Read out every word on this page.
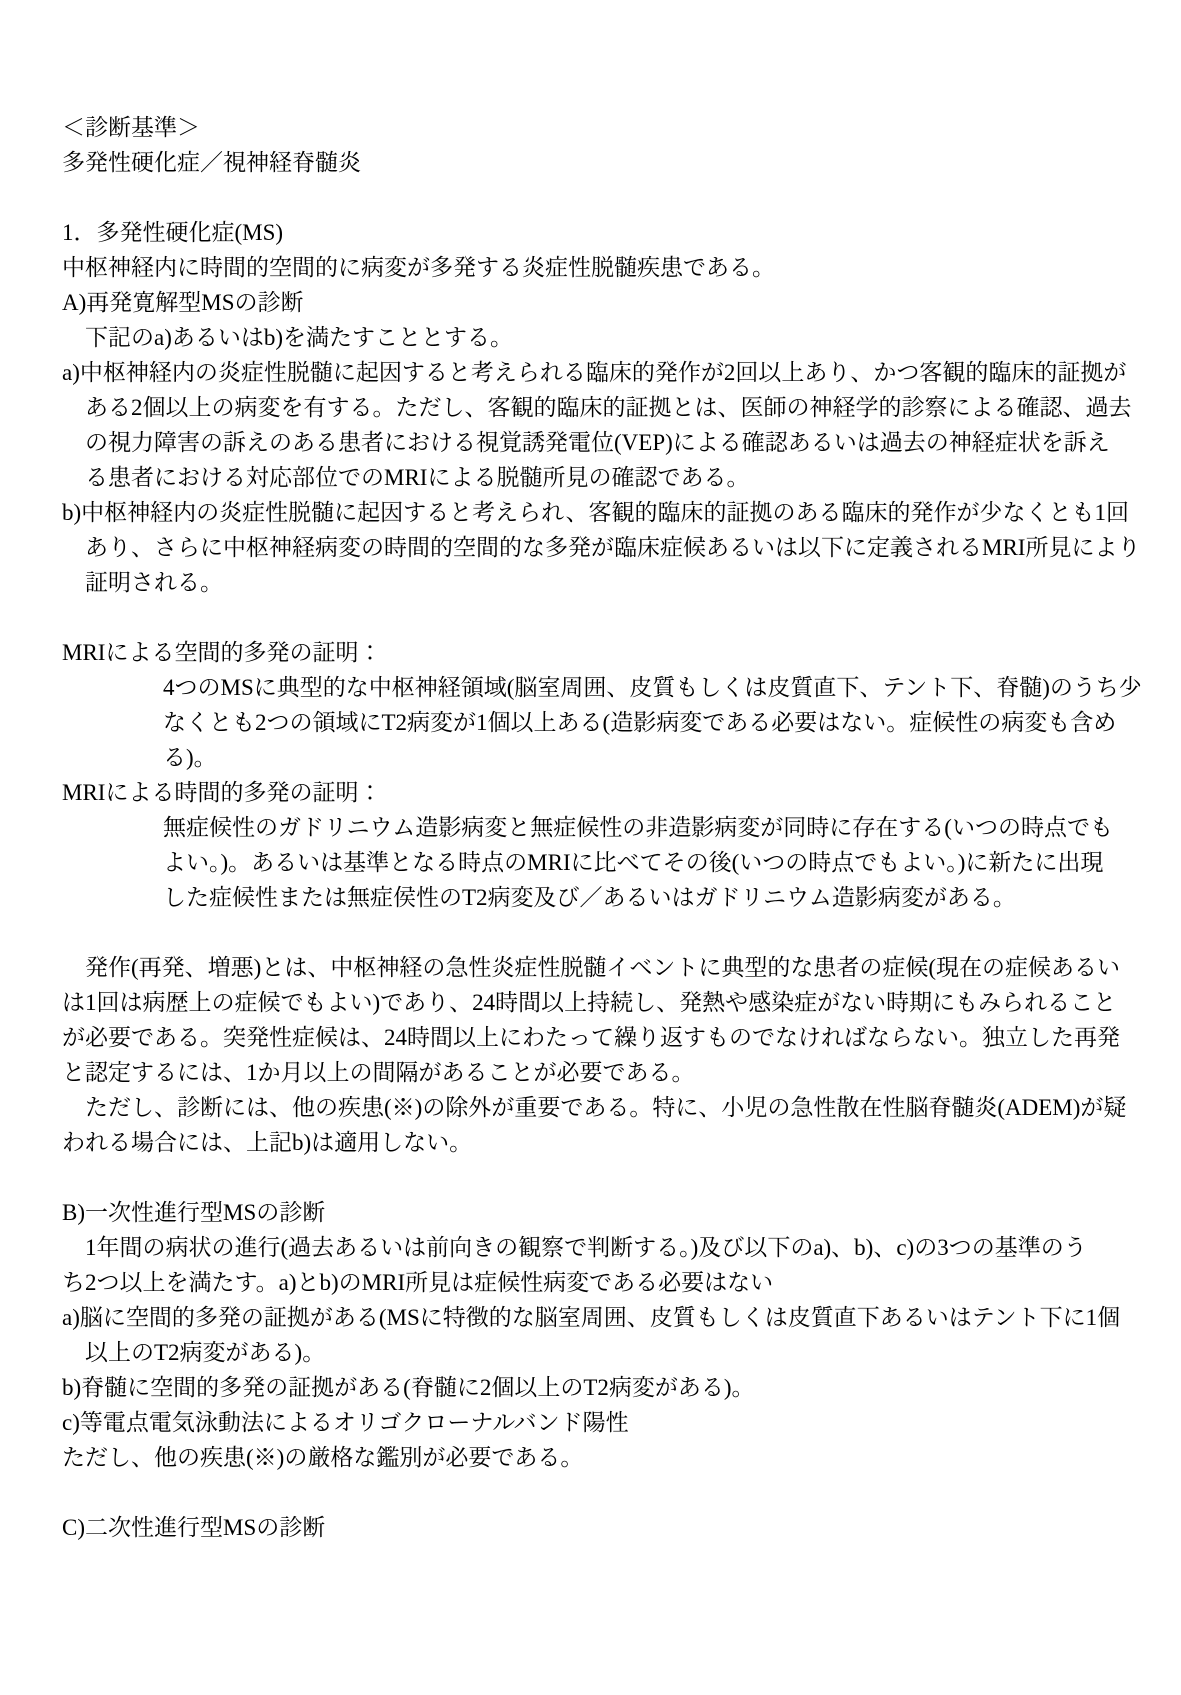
＜診断基準＞
多発性硬化症／視神経脊髄炎
1．多発性硬化症(MS)
中枢神経内に時間的空間的に病変が多発する炎症性脱髄疾患である。
A)再発寛解型MSの診断
　下記のa)あるいはb)を満たすこととする。
a)中枢神経内の炎症性脱髄に起因すると考えられる臨床的発作が2回以上あり、かつ客観的臨床的証拠が
　ある2個以上の病変を有する。ただし、客観的臨床的証拠とは、医師の神経学的診察による確認、過去
　の視力障害の訴えのある患者における視覚誘発電位(VEP)による確認あるいは過去の神経症状を訴え
　る患者における対応部位でのMRIによる脱髄所見の確認である。
b)中枢神経内の炎症性脱髄に起因すると考えられ、客観的臨床的証拠のある臨床的発作が少なくとも1回
　あり、さらに中枢神経病変の時間的空間的な多発が臨床症候あるいは以下に定義されるMRI所見により
　証明される。
MRIによる空間的多発の証明：
4つのMSに典型的な中枢神経領域(脳室周囲、皮質もしくは皮質直下、テント下、脊髄)のうち少
なくとも2つの領域にT2病変が1個以上ある(造影病変である必要はない。症候性の病変も含め
る)。
MRIによる時間的多発の証明：
無症候性のガドリニウム造影病変と無症候性の非造影病変が同時に存在する(いつの時点でも
よい。)。あるいは基準となる時点のMRIに比べてその後(いつの時点でもよい。)に新たに出現
した症候性または無症侯性のT2病変及び／あるいはガドリニウム造影病変がある。
　発作(再発、増悪)とは、中枢神経の急性炎症性脱髄イベントに典型的な患者の症候(現在の症候あるい
は1回は病歴上の症候でもよい)であり、24時間以上持続し、発熱や感染症がない時期にもみられること
が必要である。突発性症候は、24時間以上にわたって繰り返すものでなければならない。独立した再発
と認定するには、1か月以上の間隔があることが必要である。
　ただし、診断には、他の疾患(※)の除外が重要である。特に、小児の急性散在性脳脊髄炎(ADEM)が疑
われる場合には、上記b)は適用しない。
B)一次性進行型MSの診断
　1年間の病状の進行(過去あるいは前向きの観察で判断する。)及び以下のa)、b)、c)の3つの基準のう
ち2つ以上を満たす。a)とb)のMRI所見は症候性病変である必要はない
a)脳に空間的多発の証拠がある(MSに特徴的な脳室周囲、皮質もしくは皮質直下あるいはテント下に1個
　以上のT2病変がある)。
b)脊髄に空間的多発の証拠がある(脊髄に2個以上のT2病変がある)。
c)等電点電気泳動法によるオリゴクローナルバンド陽性
ただし、他の疾患(※)の厳格な鑑別が必要である。
C)二次性進行型MSの診断
